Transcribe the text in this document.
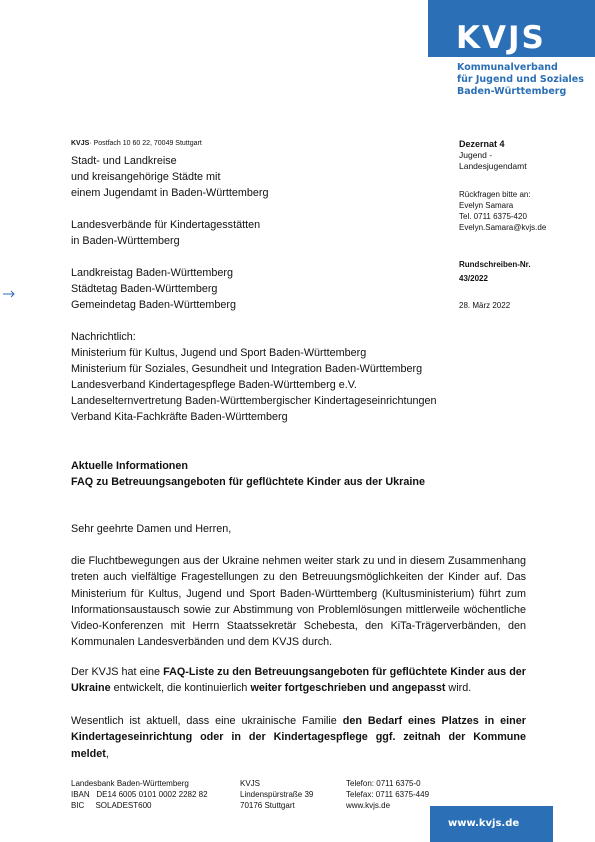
KVJS
Kommunalverband
für Jugend und Soziales
Baden-Württemberg
KVJS· Postfach 10 60 22, 70049 Stuttgart
Stadt- und Landkreise
und kreisangehörige Städte mit
einem Jugendamt in Baden-Württemberg
Landesverbände für Kindertagesstätten
in Baden-Württemberg
Landkreistag Baden-Württemberg
Städtetag Baden-Württemberg
Gemeindetag Baden-Württemberg
Nachrichtlich:
Ministerium für Kultus, Jugend und Sport Baden-Württemberg
Ministerium für Soziales, Gesundheit und Integration Baden-Württemberg
Landesverband Kindertagespflege Baden-Württemberg e.V.
Landeselternvertretung Baden-Württembergischer Kindertageseinrichtungen
Verband Kita-Fachkräfte Baden-Württemberg
Dezernat 4
Jugend -
Landesjugendamt
Rückfragen bitte an:
Evelyn Samara
Tel. 0711 6375-420
Evelyn.Samara@kvjs.de
Rundschreiben-Nr.
43/2022
28. März 2022
Aktuelle Informationen
FAQ zu Betreuungsangeboten für geflüchtete Kinder aus der Ukraine
Sehr geehrte Damen und Herren,
die Fluchtbewegungen aus der Ukraine nehmen weiter stark zu und in diesem Zusammenhang treten auch vielfältige Fragestellungen zu den Betreuungsmöglichkeiten der Kinder auf. Das Ministerium für Kultus, Jugend und Sport Baden-Württemberg (Kultusministerium) führt zum Informationsaustausch sowie zur Abstimmung von Problemlösungen mittlerweile wöchentliche Video-Konferenzen mit Herrn Staatssekretär Schebesta, den KiTa-Trägerverbänden, den Kommunalen Landesverbänden und dem KVJS durch.
Der KVJS hat eine FAQ-Liste zu den Betreuungsangeboten für geflüchtete Kinder aus der Ukraine entwickelt, die kontinuierlich weiter fortgeschrieben und angepasst wird.
Wesentlich ist aktuell, dass eine ukrainische Familie den Bedarf eines Platzes in einer Kindertageseinrichtung oder in der Kindertagespflege ggf. zeitnah der Kommune meldet,
Landesbank Baden-Württemberg
IBAN   DE14 6005 0101 0002 2282 82
BIC     SOLADEST600
KVJS
Lindenspürstraße 39
70176 Stuttgart
Telefon: 0711 6375-0
Telefax: 0711 6375-449
www.kvjs.de
www.kvjs.de
